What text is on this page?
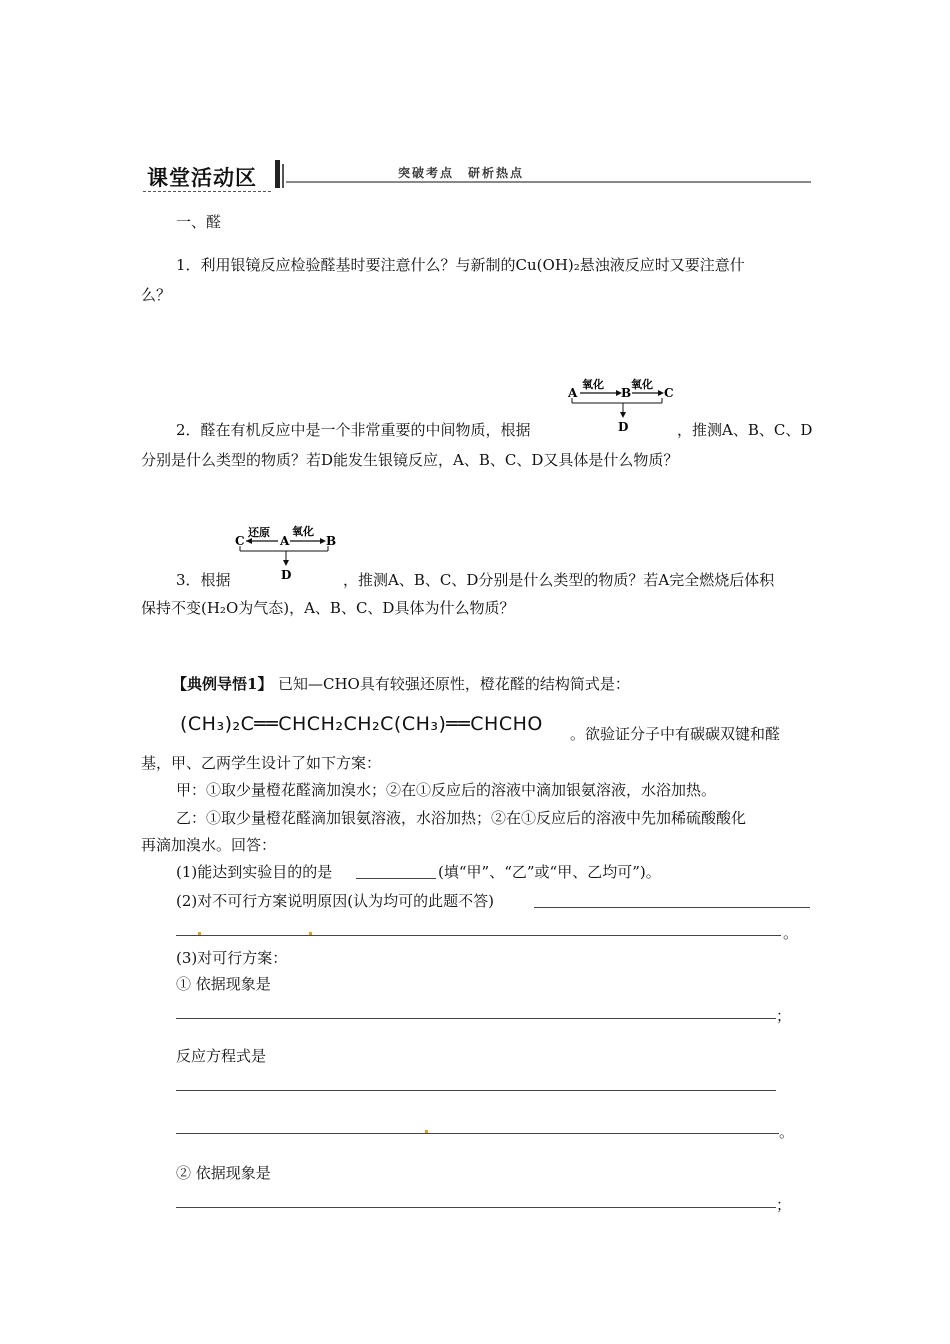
课堂活动区	突破考点　研析热点
一、醛
1．利用银镜反应检验醛基时要注意什么？与新制的Cu(OH)₂悬浊液反应时又要注意什
么？
A
氧化
B
氧化
C
D
2．醛在有机反应中是一个非常重要的中间物质，根据	，推测A、B、C、D
分别是什么类型的物质？若D能发生银镜反应，A、B、C、D又具体是什么物质？
C
还原
A
氧化
B
D
3．根据	，推测A、B、C、D分别是什么类型的物质？若A完全燃烧后体积
保持不变(H₂O为气态)，A、B、C、D具体为什么物质？
【典例导悟1】 已知—CHO具有较强还原性，橙花醛的结构简式是：
(CH₃)₂C══CHCH₂CH₂C(CH₃)══CHCHO 。欲验证分子中有碳碳双键和醛
基，甲、乙两学生设计了如下方案：
甲：①取少量橙花醛滴加溴水；②在①反应后的溶液中滴加银氨溶液，水浴加热。
乙：①取少量橙花醛滴加银氨溶液，水浴加热；②在①反应后的溶液中先加稀硫酸酸化
再滴加溴水。回答：
(1)能达到实验目的的是	(填“甲”、“乙”或“甲、乙均可”)。
(2)对不可行方案说明原因(认为均可的此题不答)
。
(3)对可行方案：
① 依据现象是
；
反应方程式是
。
② 依据现象是
；
